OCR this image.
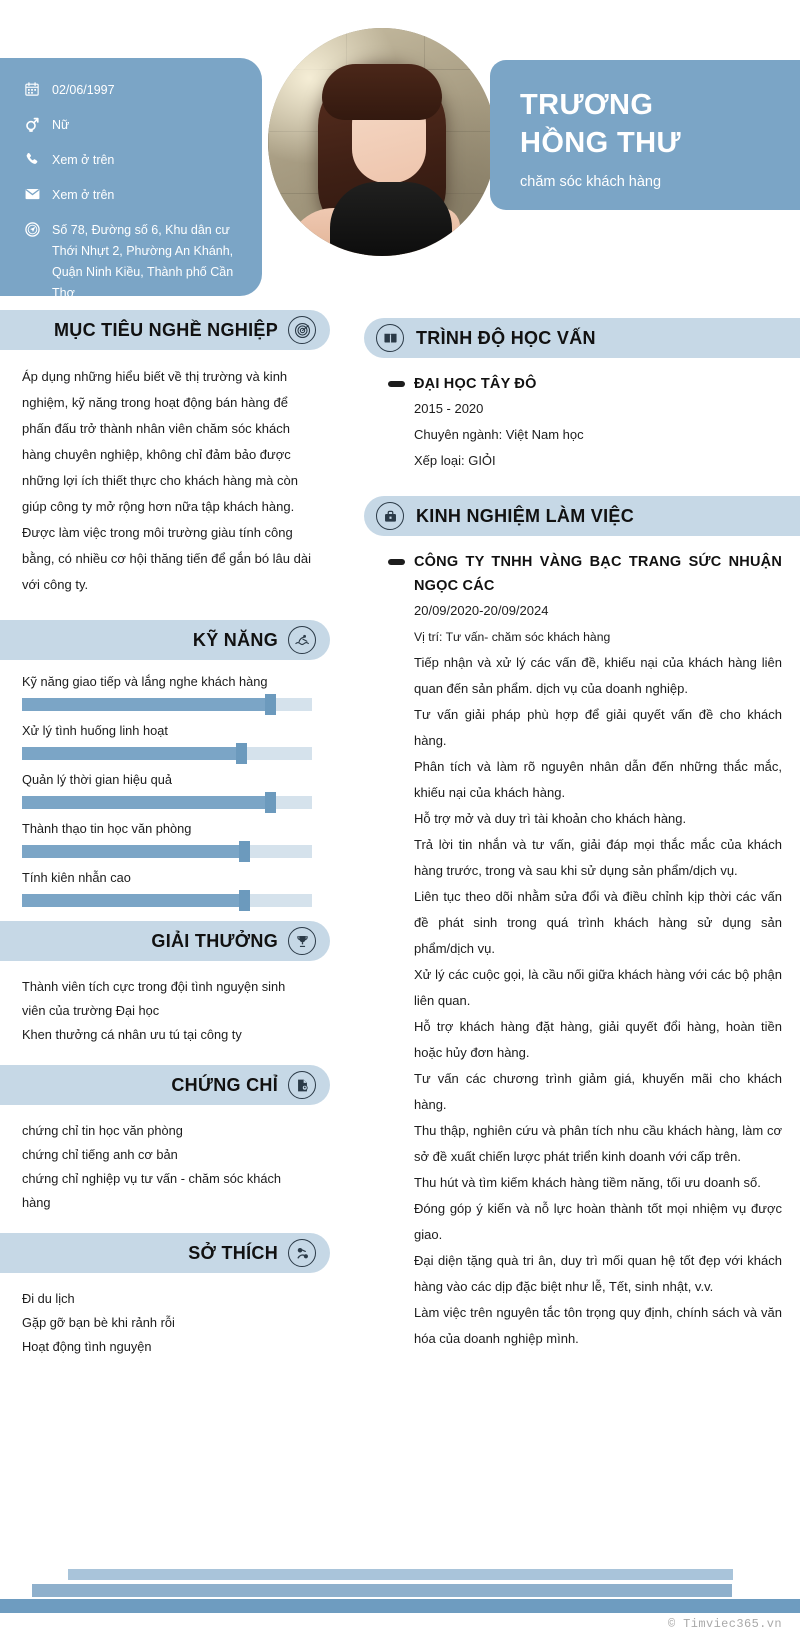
02/06/1997
Nữ
Xem ở trên
Xem ở trên
Số 78, Đường số 6, Khu dân cư Thới Nhựt 2, Phường An Khánh, Quận Ninh Kiều, Thành phố Cần Thơ
TRƯƠNG
HỒNG THƯ
chăm sóc khách hàng
MỤC TIÊU NGHỀ NGHIỆP
Áp dụng những hiểu biết về thị trường và kinh nghiệm, kỹ năng trong hoạt động bán hàng để phấn đấu trở thành nhân viên chăm sóc khách hàng chuyên nghiệp, không chỉ đảm bảo được những lợi ích thiết thực cho khách hàng mà còn giúp công ty mở rộng hơn nữa tập khách hàng. Được làm việc trong môi trường giàu tính công bằng, có nhiều cơ hội thăng tiến để gắn bó lâu dài với công ty.
KỸ NĂNG
Kỹ năng giao tiếp và lắng nghe khách hàng
Xử lý tình huống linh hoạt
Quản lý thời gian hiệu quả
Thành thạo tin học văn phòng
Tính kiên nhẫn cao
GIẢI THƯỞNG
Thành viên tích cực trong đội tình nguyện sinh viên của trường Đại học
Khen thưởng cá nhân ưu tú tại công ty
CHỨNG CHỈ
chứng chỉ tin học văn phòng
chứng chỉ tiếng anh cơ bản
chứng chỉ nghiệp vụ tư vấn - chăm sóc khách hàng
SỞ THÍCH
Đi du lịch
Gặp gỡ bạn bè khi rảnh rỗi
Hoạt động tình nguyện
TRÌNH ĐỘ HỌC VẤN
ĐẠI HỌC TÂY ĐÔ
2015 - 2020
Chuyên ngành: Việt Nam học
Xếp loại: GIỎI
KINH NGHIỆM LÀM VIỆC
CÔNG TY TNHH VÀNG BẠC TRANG SỨC NHUẬN NGỌC CÁC
20/09/2020-20/09/2024
Vị trí: Tư vấn- chăm sóc khách hàng

Tiếp nhận và xử lý các vấn đề, khiếu nại của khách hàng liên quan đến sản phẩm. dịch vụ của doanh nghiệp.

Tư vấn giải pháp phù hợp để giải quyết vấn đề cho khách hàng.

Phân tích và làm rõ nguyên nhân dẫn đến những thắc mắc, khiếu nại của khách hàng.

Hỗ trợ mở và duy trì tài khoản cho khách hàng.

Trả lời tin nhắn và tư vấn, giải đáp mọi thắc mắc của khách hàng trước, trong và sau khi sử dụng sản phẩm/dịch vụ.

Liên tục theo dõi nhằm sửa đổi và điều chỉnh kịp thời các vấn đề phát sinh trong quá trình khách hàng sử dụng sản phẩm/dịch vụ.

Xử lý các cuộc gọi, là cầu nối giữa khách hàng với các bộ phận liên quan.

Hỗ trợ khách hàng đặt hàng, giải quyết đổi hàng, hoàn tiền hoặc hủy đơn hàng.

Tư vấn các chương trình giảm giá, khuyến mãi cho khách hàng.

Thu thập, nghiên cứu và phân tích nhu cầu khách hàng, làm cơ sở đề xuất chiến lược phát triển kinh doanh với cấp trên.

Thu hút và tìm kiếm khách hàng tiềm năng, tối ưu doanh số.

Đóng góp ý kiến và nỗ lực hoàn thành tốt mọi nhiệm vụ được giao.

Đại diện tặng quà tri ân, duy trì mối quan hệ tốt đẹp với khách hàng vào các dịp đặc biệt như lễ, Tết, sinh nhật, v.v.

Làm việc trên nguyên tắc tôn trọng quy định, chính sách và văn hóa của doanh nghiệp mình.

© Timviec365.vn
